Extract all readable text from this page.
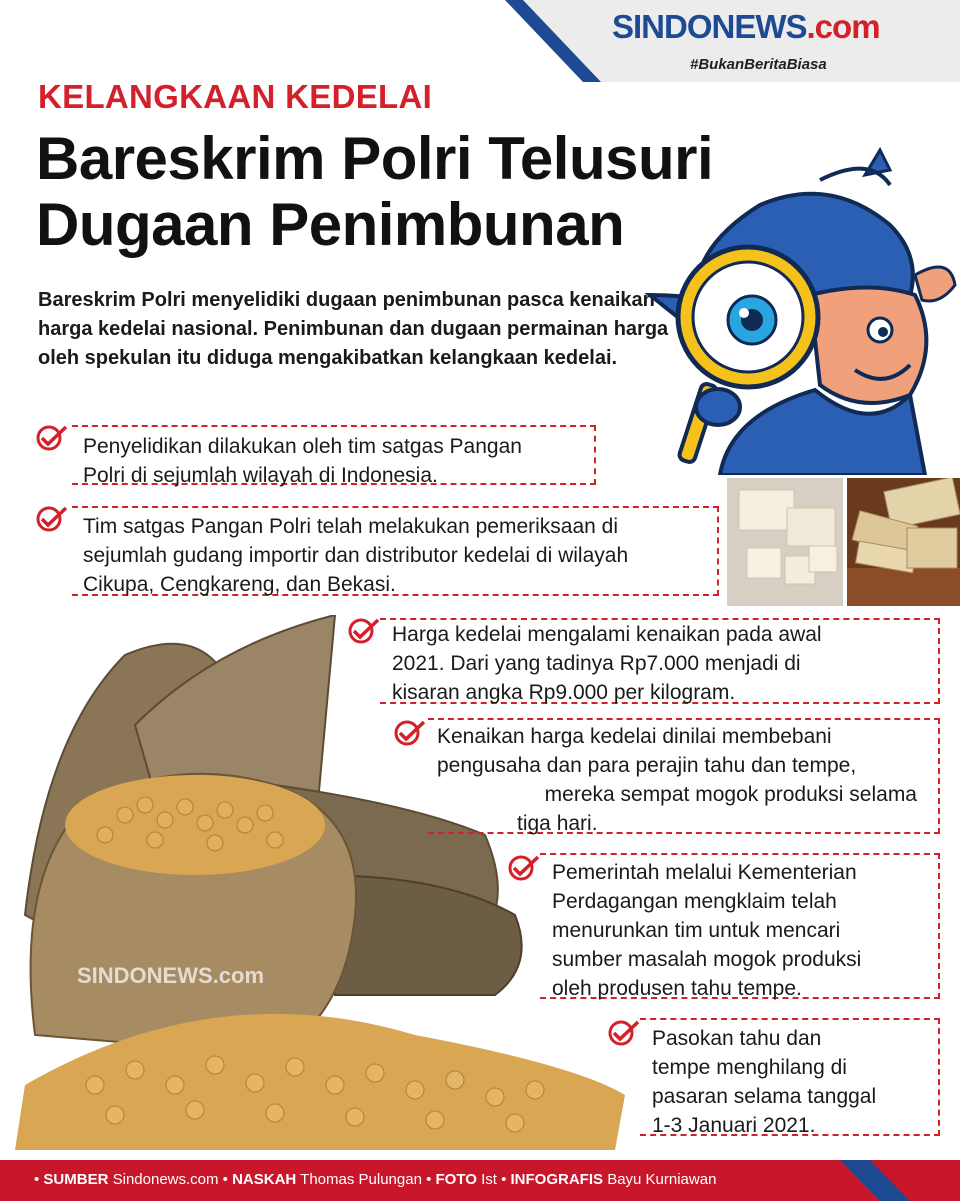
SINDONEWS.com
#BukanBeritaBiasa
KELANGKAAN KEDELAI
Bareskrim Polri Telusuri
Dugaan Penimbunan
Bareskrim Polri menyelidiki dugaan penimbunan pasca kenaikan harga kedelai nasional. Penimbunan dan dugaan permainan harga oleh spekulan itu diduga mengakibatkan kelangkaan kedelai.
SINDONEWS.com
Penyelidikan dilakukan oleh tim satgas Pangan
Polri di sejumlah wilayah di Indonesia.
Tim satgas Pangan Polri telah melakukan pemeriksaan di
sejumlah gudang importir dan distributor kedelai di wilayah
Cikupa, Cengkareng, dan Bekasi.
Harga kedelai mengalami kenaikan pada awal
2021. Dari yang tadinya Rp7.000 menjadi di
kisaran angka Rp9.000 per kilogram.
Kenaikan harga kedelai dinilai membebani
pengusaha dan para perajin tahu dan tempe,
mereka sempat mogok produksi selama
tiga hari.
Pemerintah melalui Kementerian
Perdagangan mengklaim telah
menurunkan tim untuk mencari
sumber masalah mogok produksi
oleh produsen tahu tempe.
Pasokan tahu dan
tempe menghilang di
pasaran selama tanggal
1-3 Januari 2021.
• SUMBER Sindonews.com • NASKAH Thomas Pulungan • FOTO Ist • INFOGRAFIS Bayu Kurniawan
